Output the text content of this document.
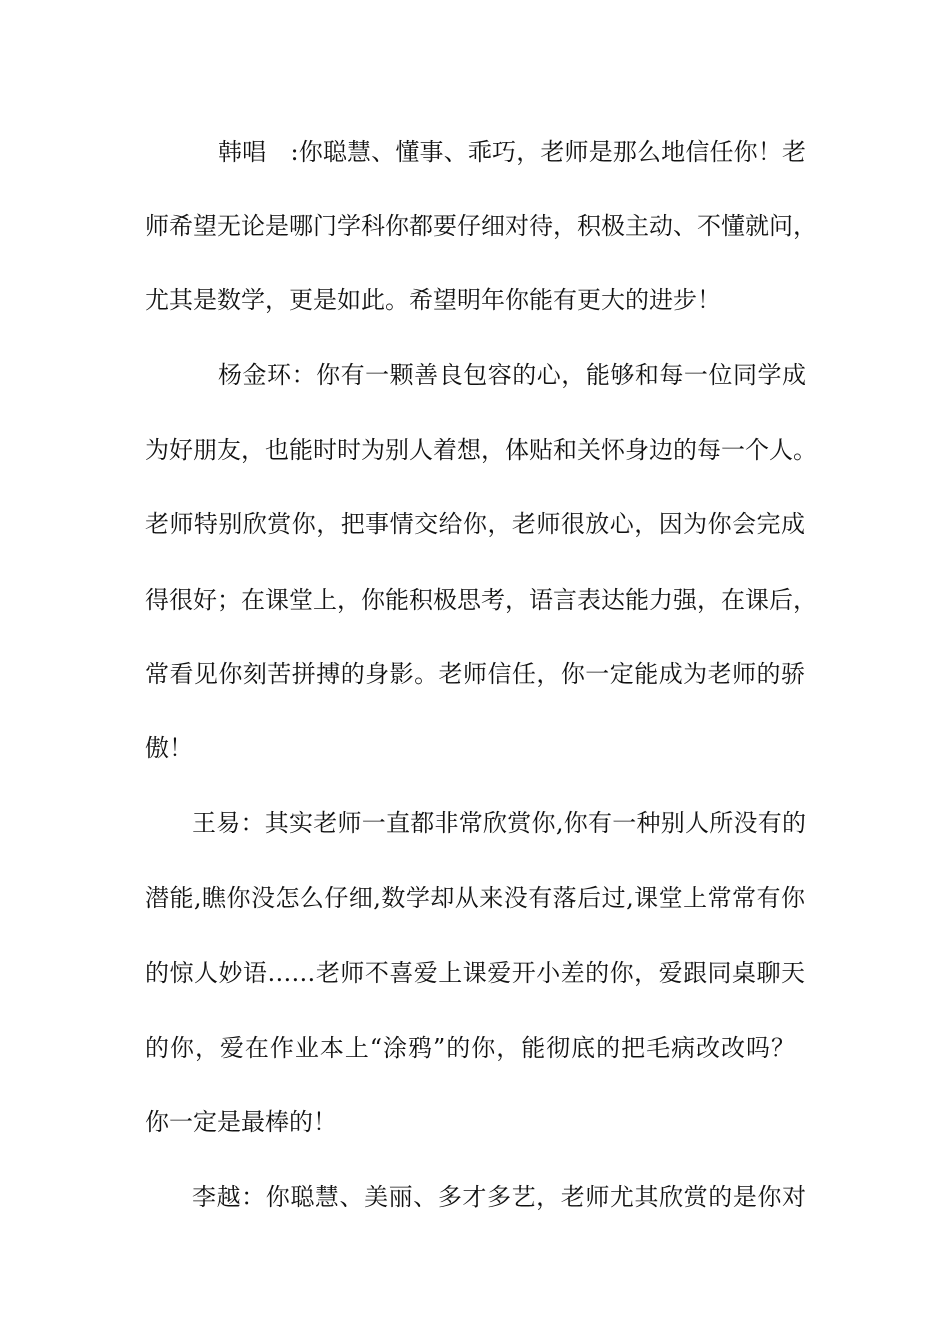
韩唱　:你聪慧、懂事、乖巧，老师是那么地信任你！老
师希望无论是哪门学科你都要仔细对待，积极主动、不懂就问，
尤其是数学，更是如此。希望明年你能有更大的进步！
杨金环：你有一颗善良包容的心，能够和每一位同学成
为好朋友，也能时时为别人着想，体贴和关怀身边的每一个人。
老师特别欣赏你，把事情交给你，老师很放心，因为你会完成
得很好；在课堂上，你能积极思考，语言表达能力强，在课后，
常看见你刻苦拼搏的身影。老师信任，你一定能成为老师的骄
傲！
王易：其实老师一直都非常欣赏你,你有一种别人所没有的
潜能,瞧你没怎么仔细,数学却从来没有落后过,课堂上常常有你
的惊人妙语……老师不喜爱上课爱开小差的你，爱跟同桌聊天
的你，爱在作业本上“涂鸦”的你，能彻底的把毛病改改吗？
你一定是最棒的！
李越：你聪慧、美丽、多才多艺，老师尤其欣赏的是你对
